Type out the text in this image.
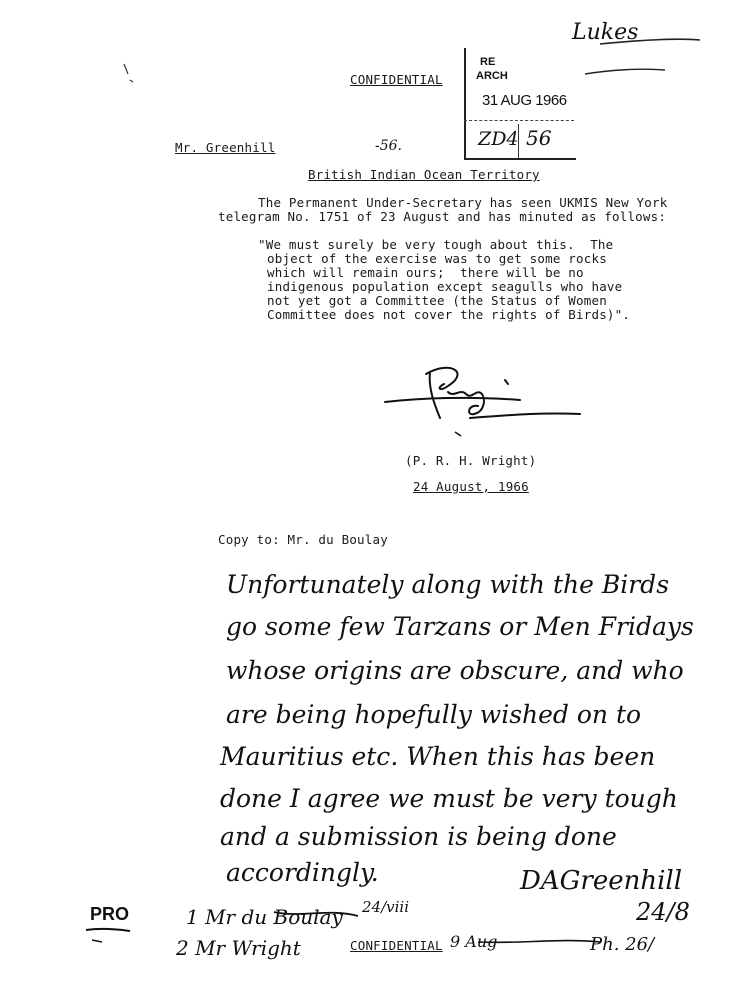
Lukes
CONFIDENTIAL
RE
ARCH
31 AUG 1966
ZD4 56
Mr. Greenhill	-56.
British Indian Ocean Territory
The Permanent Under-Secretary has seen UKMIS New York
telegram No. 1751 of 23 August and has minuted as follows:
"We must surely be very tough about this.  The
object of the exercise was to get some rocks
which will remain ours;  there will be no
indigenous population except seagulls who have
not yet got a Committee (the Status of Women
Committee does not cover the rights of Birds)".
(P. R. H. Wright)
24 August, 1966
Copy to: Mr. du Boulay
Unfortunately along with the Birds
go some few Tarzans or Men Fridays
whose origins are obscure, and who
are being hopefully wished on to
Mauritius etc. When this has been
done I agree we must be very tough
and a submission is being done
accordingly.	DAGreenhill
24/8
PRO	1 Mr du Boulay 24/viii
2 Mr Wright	CONFIDENTIAL 9 Aug	Ph. 26/
